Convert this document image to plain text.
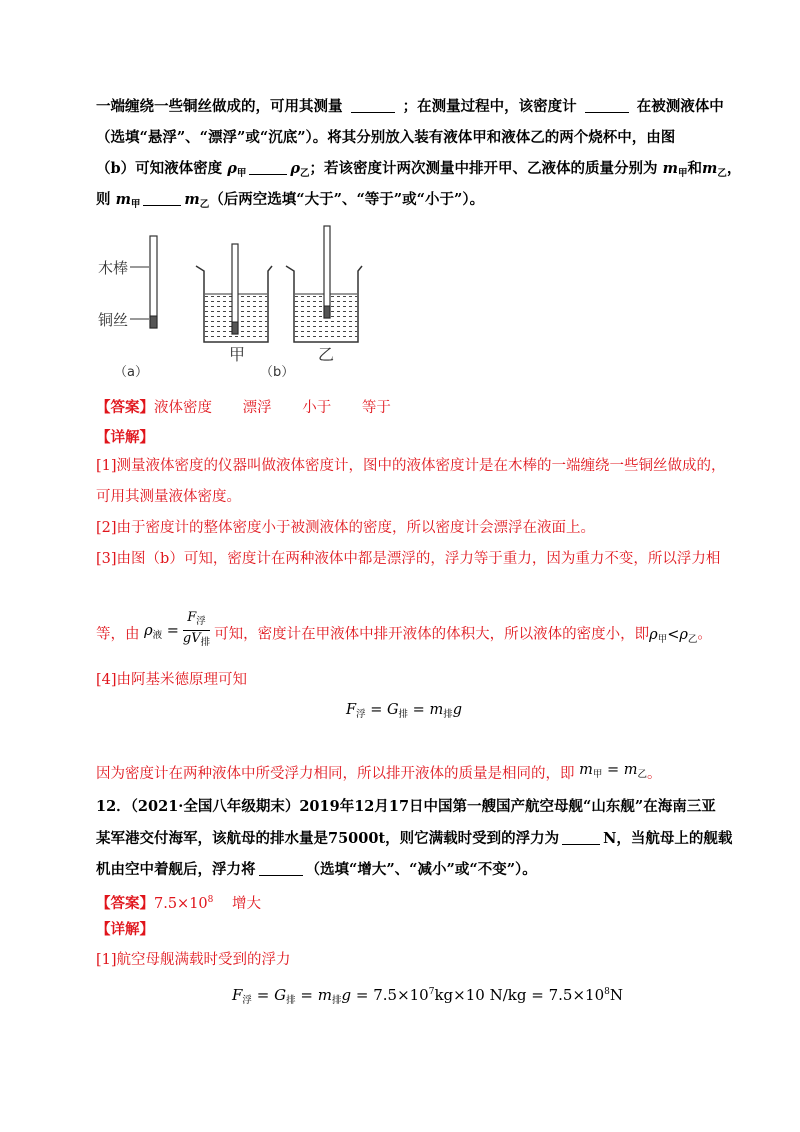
一端缠绕一些铜丝做成的，可用其测量	；在测量过程中，该密度计	在被测液体中
（选填“悬浮”、“漂浮”或“沉底”）。将其分别放入装有液体甲和液体乙的两个烧杯中，由图
（b）可知液体密度 $\rho_甲$	$\rho_乙$；若该密度计两次测量中排开甲、乙液体的质量分别为 $m_甲$和$m_乙$，
则 $m_甲$	$m_乙$（后两空选填“大于”、“等于”或“小于”）。
木棒
铜丝
（a）
甲	乙
（b）
【答案】液体密度 漂浮 小于 等于
【详解】
[1]测量液体密度的仪器叫做液体密度计，图中的液体密度计是在木棒的一端缠绕一些铜丝做成的，
可用其测量液体密度。
[2]由于密度计的整体密度小于被测液体的密度，所以密度计会漂浮在液面上。
[3]由图（b）可知，密度计在两种液体中都是漂浮的，浮力等于重力，因为重力不变，所以浮力相
等，由 $\rho_液 = \frac{F_浮}{gV_排}$ 可知，密度计在甲液体中排开液体的体积大，所以液体的密度小，即$\rho_甲<\rho_乙$。
[4]由阿基米德原理可知
$F_浮 = G_排 = m_排g$
因为密度计在两种液体中所受浮力相同，所以排开液体的质量是相同的，即 $m_甲 = m_乙$。
12．（2021·全国八年级期末）2019年12月17日中国第一艘国产航空母舰“山东舰”在海南三亚
某军港交付海军，该航母的排水量是75000t，则它满载时受到的浮力为	N，当航母上的舰载
机由空中着舰后，浮力将	（选填“增大”、“减小”或“不变”）。
【答案】$7.5\times 10^8$ 增大
【详解】
[1]航空母舰满载时受到的浮力
$F_浮 = G_排 = m_排g = 7.5\times 10^7kg\times 10$ $N/kg = 7.5\times 10^8N$
